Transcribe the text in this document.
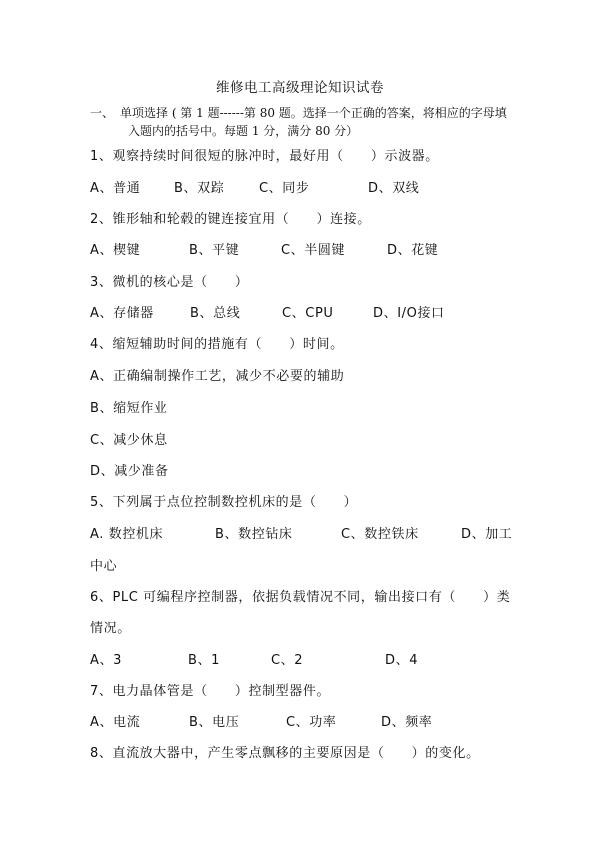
维修电工高级理论知识试卷
一、 单项选择 ( 第 1 题------第 80 题。选择一个正确的答案，将相应的字母填
入题内的括号中。每题 1 分，满分 80 分）
1、观察持续时间很短的脉冲时，最好用（　　）示波器。
A、普通	B、双踪	C、同步	D、双线
2、锥形轴和轮毂的键连接宜用（　　）连接。
A、楔键	B、平键	C、半圆键	D、花键
3、微机的核心是（　　）
A、存储器	B、总线	C、CPU	D、I/O接口
4、缩短辅助时间的措施有（　　）时间。
A、正确编制操作工艺，减少不必要的辅助
B、缩短作业
C、减少休息
D、减少准备
5、下列属于点位控制数控机床的是（　　）
A. 数控机床	B、数控钻床	C、数控铁床	D、加工
中心
6、PLC 可编程序控制器，依据负载情况不同，输出接口有（　　）类
情况。
A、3	B、1	C、2	D、4
7、电力晶体管是（　　）控制型器件。
A、电流	B、电压	C、功率	D、频率
8、直流放大器中，产生零点飘移的主要原因是（　　）的变化。
